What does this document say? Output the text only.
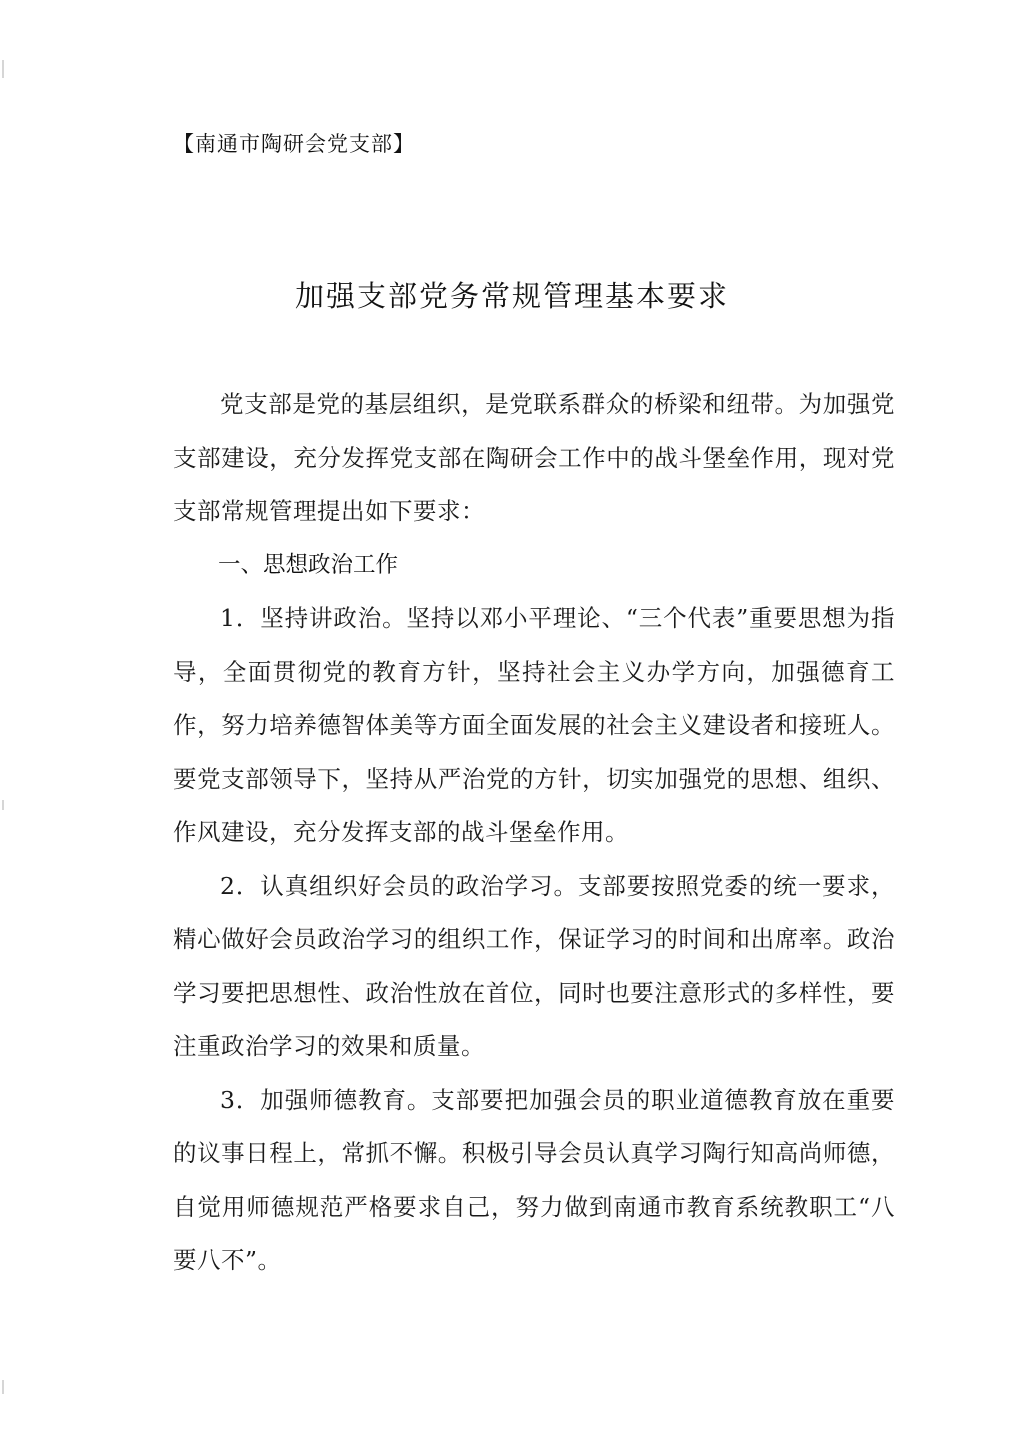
【南通市陶研会党支部】
加强支部党务常规管理基本要求

党支部是党的基层组织，是党联系群众的桥梁和纽带。为加强党支部建设，充分发挥党支部在陶研会工作中的战斗堡垒作用，现对党支部常规管理提出如下要求：

一、思想政治工作

1．坚持讲政治。坚持以邓小平理论、“三个代表”重要思想为指导，全面贯彻党的教育方针，坚持社会主义办学方向，加强德育工作，努力培养德智体美等方面全面发展的社会主义建设者和接班人。要党支部领导下，坚持从严治党的方针，切实加强党的思想、组织、作风建设，充分发挥支部的战斗堡垒作用。

2．认真组织好会员的政治学习。支部要按照党委的统一要求，精心做好会员政治学习的组织工作，保证学习的时间和出席率。政治学习要把思想性、政治性放在首位，同时也要注意形式的多样性，要注重政治学习的效果和质量。

3．加强师德教育。支部要把加强会员的职业道德教育放在重要的议事日程上，常抓不懈。积极引导会员认真学习陶行知高尚师德，自觉用师德规范严格要求自己，努力做到南通市教育系统教职工“八要八不”。
